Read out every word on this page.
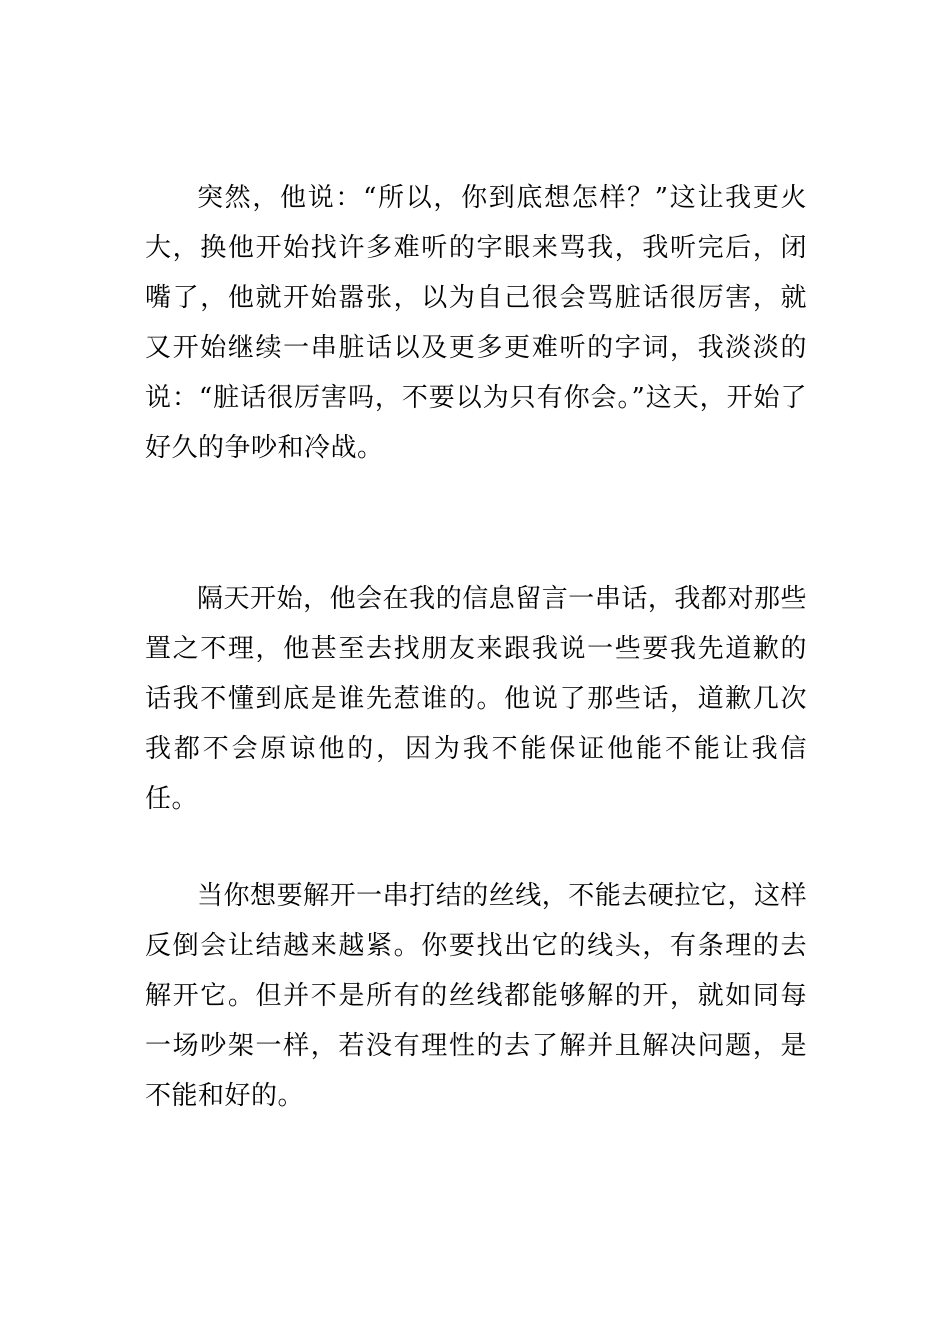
突然，他说：“所以，你到底想怎样？”这让我更火大，换他开始找许多难听的字眼来骂我，我听完后，闭嘴了，他就开始嚣张，以为自己很会骂脏话很厉害，就又开始继续一串脏话以及更多更难听的字词，我淡淡的说：“脏话很厉害吗，不要以为只有你会。”这天，开始了好久的争吵和冷战。

隔天开始，他会在我的信息留言一串话，我都对那些置之不理，他甚至去找朋友来跟我说一些要我先道歉的话我不懂到底是谁先惹谁的。他说了那些话，道歉几次我都不会原谅他的，因为我不能保证他能不能让我信任。

当你想要解开一串打结的丝线，不能去硬拉它，这样反倒会让结越来越紧。你要找出它的线头，有条理的去解开它。但并不是所有的丝线都能够解的开，就如同每一场吵架一样，若没有理性的去了解并且解决问题，是不能和好的。
